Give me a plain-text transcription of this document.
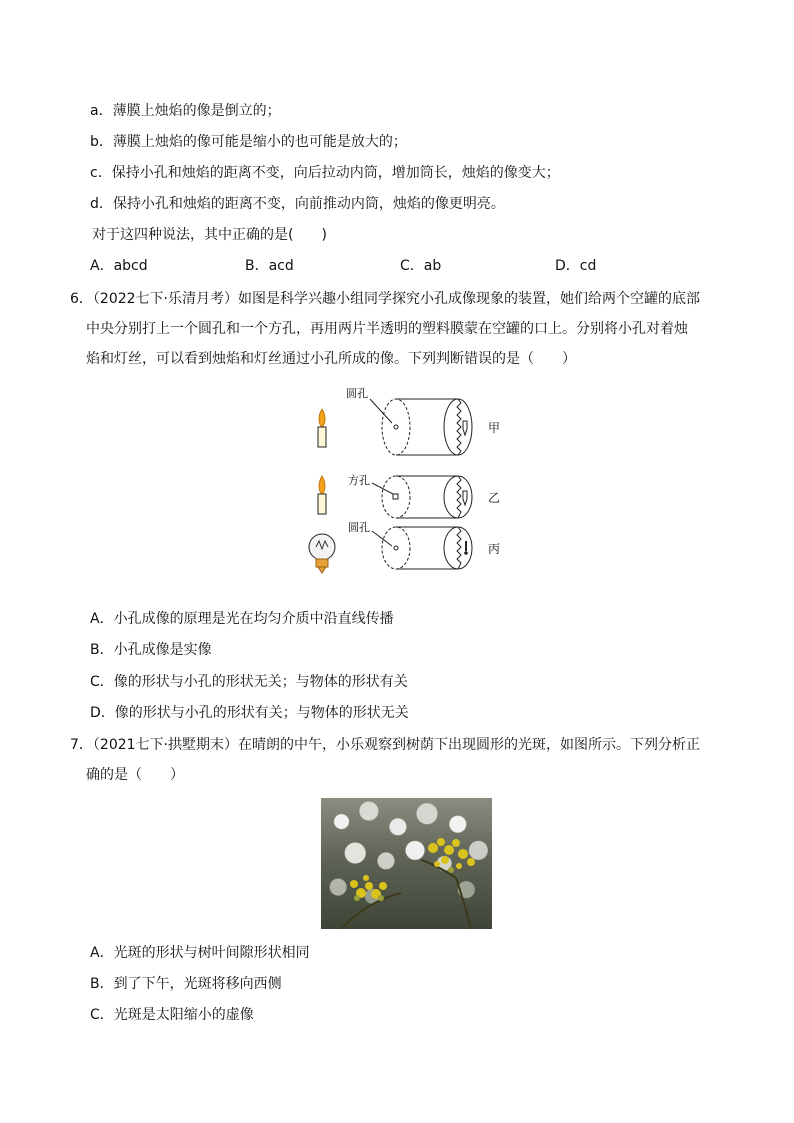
a．薄膜上烛焰的像是倒立的；
b．薄膜上烛焰的像可能是缩小的也可能是放大的；
c．保持小孔和烛焰的距离不变，向后拉动内筒，增加筒长，烛焰的像变大；
d．保持小孔和烛焰的距离不变，向前推动内筒，烛焰的像更明亮。
对于这四种说法，其中正确的是(　　)
A．abcd	B．acd	C．ab	D．cd
6．（2022七下·乐清月考）如图是科学兴趣小组同学探究小孔成像现象的装置，她们给两个空罐的底部
中央分别打上一个圆孔和一个方孔，再用两片半透明的塑料膜蒙在空罐的口上。分别将小孔对着烛
焰和灯丝，可以看到烛焰和灯丝通过小孔所成的像。下列判断错误的是（　　）
圆孔
方孔
圆孔
甲
乙
丙
A．小孔成像的原理是光在均匀介质中沿直线传播
B．小孔成像是实像
C．像的形状与小孔的形状无关；与物体的形状有关
D．像的形状与小孔的形状有关；与物体的形状无关
7．（2021七下·拱墅期末）在晴朗的中午，小乐观察到树荫下出现圆形的光斑，如图所示。下列分析正
确的是（　　）
A．光斑的形状与树叶间隙形状相同
B．到了下午，光斑将移向西侧
C．光斑是太阳缩小的虚像
